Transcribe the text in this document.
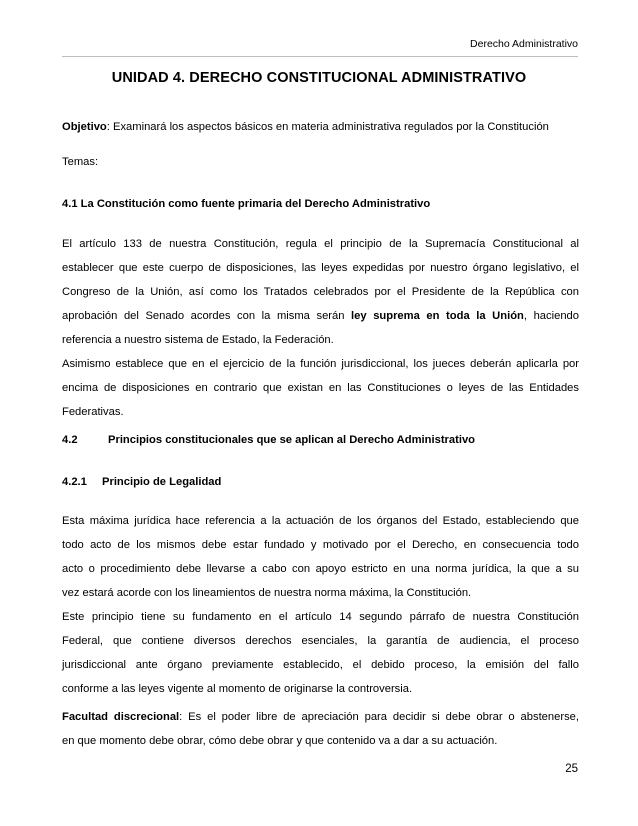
Derecho Administrativo
UNIDAD 4. DERECHO CONSTITUCIONAL ADMINISTRATIVO
Objetivo: Examinará los aspectos básicos en materia administrativa regulados por la Constitución
Temas:
4.1 La Constitución como fuente primaria del Derecho Administrativo
El artículo 133 de nuestra Constitución, regula el principio de la Supremacía Constitucional al
establecer que este cuerpo de disposiciones, las leyes expedidas por nuestro órgano legislativo, el
Congreso de la Unión, así como los Tratados celebrados por el Presidente de la República con
aprobación del Senado acordes con la misma serán ley suprema en toda la Unión, haciendo
referencia a nuestro sistema de Estado, la Federación.
Asimismo establece que en el ejercicio de la función jurisdiccional, los jueces deberán aplicarla por
encima de disposiciones en contrario que existan en las Constituciones o leyes de las Entidades
Federativas.
4.2	Principios constitucionales que se aplican al Derecho Administrativo
4.2.1 Principio de Legalidad
Esta máxima jurídica hace referencia a la actuación de los órganos del Estado, estableciendo que
todo acto de los mismos debe estar fundado y motivado por el Derecho, en consecuencia todo
acto o procedimiento debe llevarse a cabo con apoyo estricto en una norma jurídica, la que a su
vez estará acorde con los lineamientos de nuestra norma máxima, la Constitución.
Este principio tiene su fundamento en el artículo 14 segundo párrafo de nuestra Constitución
Federal, que contiene diversos derechos esenciales, la garantía de audiencia, el proceso
jurisdiccional ante órgano previamente establecido, el debido proceso, la emisión del fallo
conforme a las leyes vigente al momento de originarse la controversia.
Facultad discrecional: Es el poder libre de apreciación para decidir si debe obrar o abstenerse,
en que momento debe obrar, cómo debe obrar y que contenido va a dar a su actuación.
25
